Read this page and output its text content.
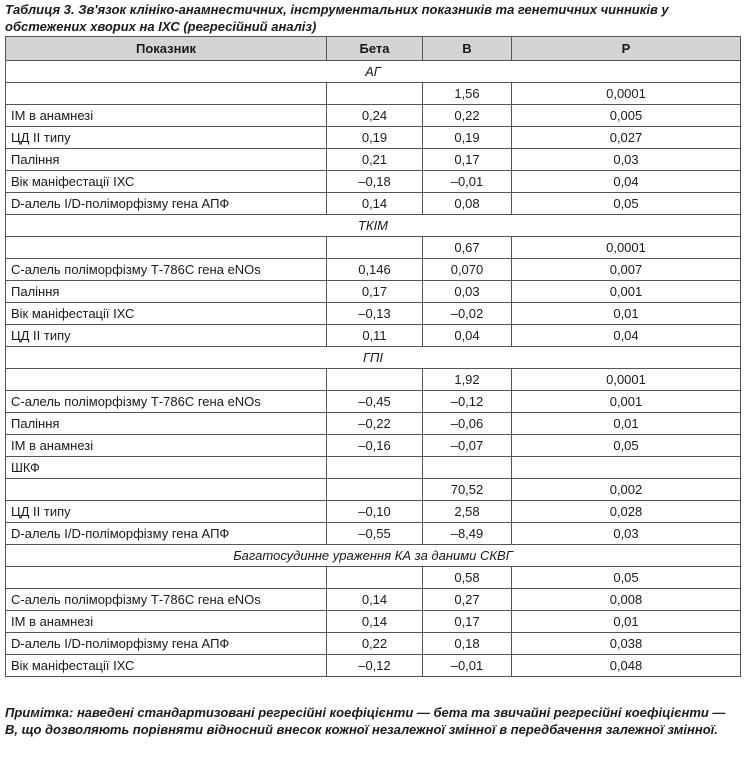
Таблиця 3. Зв'язок клініко-анамнестичних, інструментальних показників та генетичних чинників у обстежених хворих на ІХС (регресійний аналіз)
Показник	Бета	B	P
АГ			
		1,56	0,0001
ІМ в анамнезі	0,24	0,22	0,005
ЦД ІІ типу	0,19	0,19	0,027
Паління	0,21	0,17	0,03
Вік маніфестації ІХС	–0,18	–0,01	0,04
D-алель I/D-поліморфізму гена АПФ	0,14	0,08	0,05
ТКІМ			
		0,67	0,0001
С-алель поліморфізму Т-786С гена eNOs	0,146	0,070	0,007
Паління	0,17	0,03	0,001
Вік маніфестації ІХС	–0,13	–0,02	0,01
ЦД ІІ типу	0,11	0,04	0,04
ГПІ			
		1,92	0,0001
С-алель поліморфізму Т-786С гена eNOs	–0,45	–0,12	0,001
Паління	–0,22	–0,06	0,01
ІМ в анамнезі	–0,16	–0,07	0,05
ШКФ			
		70,52	0,002
ЦД ІІ типу	–0,10	2,58	0,028
D-алель I/D-поліморфізму гена АПФ	–0,55	–8,49	0,03
Багатосудинне ураження КА за даними СКВГ			
		0,58	0,05
С-алель поліморфізму Т-786С гена eNOs	0,14	0,27	0,008
ІМ в анамнезі	0,14	0,17	0,01
D-алель I/D-поліморфізму гена АПФ	0,22	0,18	0,038
Вік маніфестації ІХС	–0,12	–0,01	0,048
Примітка: наведені стандартизовані регресійні коефіцієнти — бета та звичайні регресійні коефіцієнти — B, що дозволяють порівняти відносний внесок кожної незалежної змінної в передбачення залежної змінної.
